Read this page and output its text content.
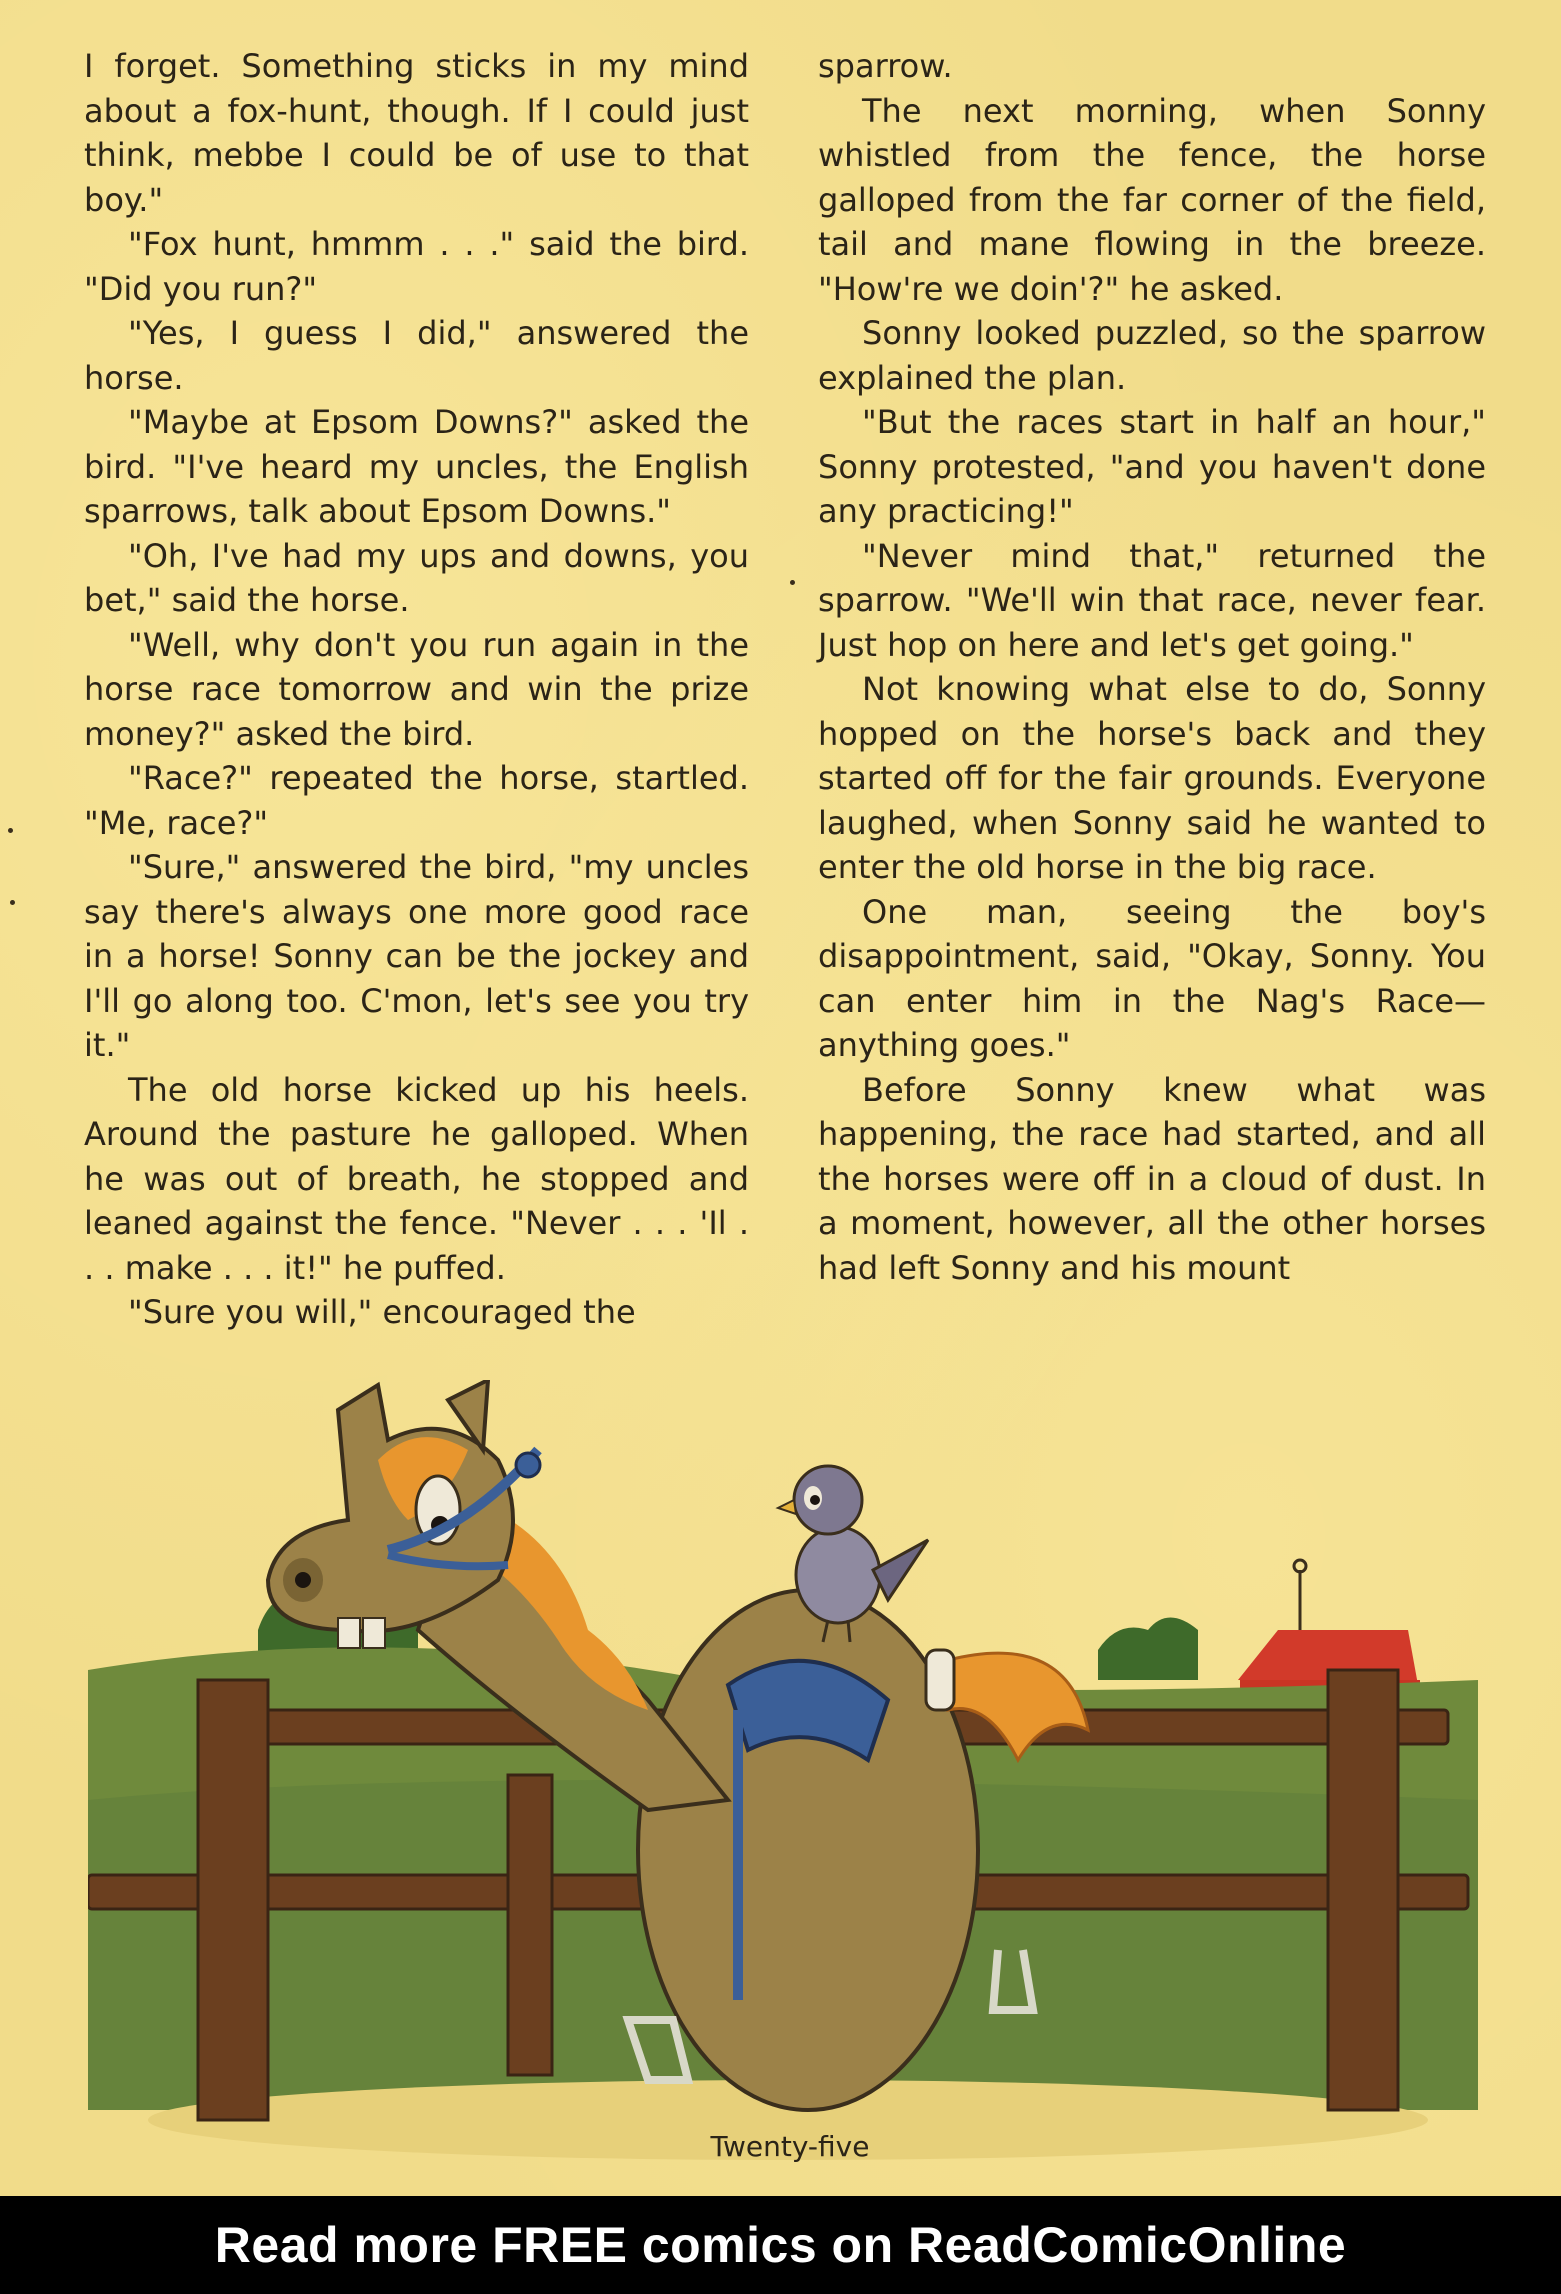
I forget. Something sticks in my mind about a fox-hunt, though. If I could just think, mebbe I could be of use to that boy."

"Fox hunt, hmmm . . ." said the bird. "Did you run?"

"Yes, I guess I did," answered the horse.

"Maybe at Epsom Downs?" asked the bird. "I've heard my uncles, the English sparrows, talk about Epsom Downs."

"Oh, I've had my ups and downs, you bet," said the horse.

"Well, why don't you run again in the horse race tomorrow and win the prize money?" asked the bird.

"Race?" repeated the horse, startled. "Me, race?"

"Sure," answered the bird, "my uncles say there's always one more good race in a horse! Sonny can be the jockey and I'll go along too. C'mon, let's see you try it."

The old horse kicked up his heels. Around the pasture he galloped. When he was out of breath, he stopped and leaned against the fence. "Never . . . 'Il . . . make . . . it!" he puffed.

"Sure you will," encouraged the

sparrow.

The next morning, when Sonny whistled from the fence, the horse galloped from the far corner of the field, tail and mane flowing in the breeze. "How're we doin'?" he asked.

Sonny looked puzzled, so the sparrow explained the plan.

"But the races start in half an hour," Sonny protested, "and you haven't done any practicing!"

"Never mind that," returned the sparrow. "We'll win that race, never fear. Just hop on here and let's get going."

Not knowing what else to do, Sonny hopped on the horse's back and they started off for the fair grounds. Everyone laughed, when Sonny said he wanted to enter the old horse in the big race.

One man, seeing the boy's disappointment, said, "Okay, Sonny. You can enter him in the Nag's Race—anything goes."

Before Sonny knew what was happening, the race had started, and all the horses were off in a cloud of dust. In a moment, however, all the other horses had left Sonny and his mount

Twenty-five
Read more FREE comics on ReadComicOnline
